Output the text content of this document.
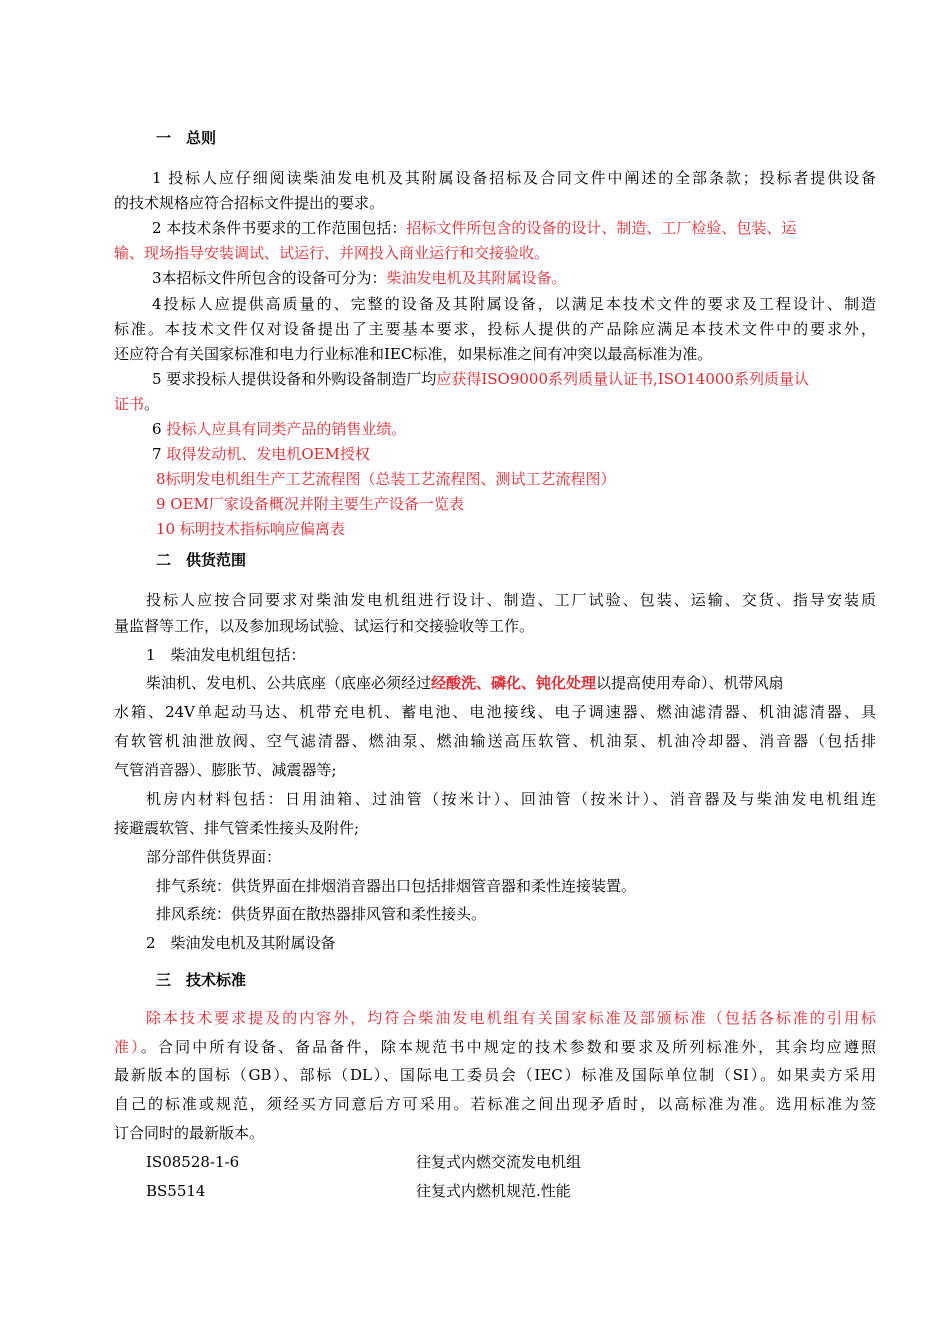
一　总则
1 投标人应仔细阅读柴油发电机及其附属设备招标及合同文件中阐述的全部条款；投标者提供设备
的技术规格应符合招标文件提出的要求。
2 本技术条件书要求的工作范围包括：招标文件所包含的设备的设计、制造、工厂检验、包装、运
输、现场指导安装调试、试运行、并网投入商业运行和交接验收。
3本招标文件所包含的设备可分为：柴油发电机及其附属设备。
4投标人应提供高质量的、完整的设备及其附属设备，以满足本技术文件的要求及工程设计、制造
标准。本技术文件仅对设备提出了主要基本要求，投标人提供的产品除应满足本技术文件中的要求外，
还应符合有关国家标准和电力行业标准和IEC标准，如果标准之间有冲突以最高标准为准。
5 要求投标人提供设备和外购设备制造厂均应获得ISO9000系列质量认证书,ISO14000系列质量认
证书。
6 投标人应具有同类产品的销售业绩。
7 取得发动机、发电机OEM授权
8标明发电机组生产工艺流程图（总装工艺流程图、测试工艺流程图）
9 OEM厂家设备概况并附主要生产设备一览表
10 标明技术指标响应偏离表
二　供货范围
投标人应按合同要求对柴油发电机组进行设计、制造、工厂试验、包装、运输、交货、指导安装质
量监督等工作，以及参加现场试验、试运行和交接验收等工作。
1　柴油发电机组包括：
柴油机、发电机、公共底座（底座必须经过经酸洗、磷化、钝化处理以提高使用寿命）、机带风扇
水箱、24V单起动马达、机带充电机、蓄电池、电池接线、电子调速器、燃油滤清器、机油滤清器、具
有软管机油泄放阀、空气滤清器、燃油泵、燃油输送高压软管、机油泵、机油冷却器、消音器（包括排
气管消音器）、膨胀节、减震器等;
机房内材料包括：日用油箱、过油管（按米计）、回油管（按米计）、消音器及与柴油发电机组连
接避震软管、排气管柔性接头及附件;
部分部件供货界面：
排气系统：供货界面在排烟消音器出口包括排烟管音器和柔性连接装置。
排风系统：供货界面在散热器排风管和柔性接头。
2　柴油发电机及其附属设备
三　技术标准
除本技术要求提及的内容外，均符合柴油发电机组有关国家标准及部颁标准（包括各标准的引用标
准）。合同中所有设备、备品备件，除本规范书中规定的技术参数和要求及所列标准外，其余均应遵照
最新版本的国标（GB）、部标（DL）、国际电工委员会（IEC）标准及国际单位制（SI）。如果卖方采用
自己的标准或规范，须经买方同意后方可采用。若标准之间出现矛盾时，以高标准为准。选用标准为签
订合同时的最新版本。
IS08528-1-6	往复式内燃交流发电机组
BS5514	往复式内燃机规范.性能
